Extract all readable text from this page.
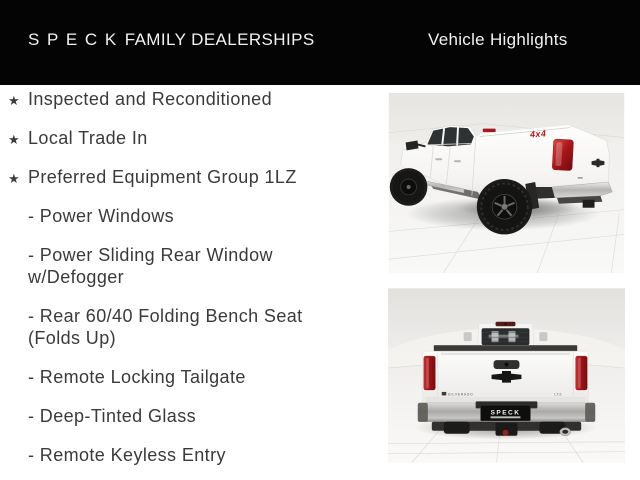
S P E C K FAMILY DEALERSHIPS	Vehicle Highlights
★ Inspected and Reconditioned
★ Local Trade In
★ Preferred Equipment Group 1LZ
- Power Windows
- Power Sliding Rear Window w/Defogger
- Rear 60/40 Folding Bench Seat (Folds Up)
- Remote Locking Tailgate
- Deep-Tinted Glass
- Remote Keyless Entry
4x4
SILVERADO	LTZ
SPECK
